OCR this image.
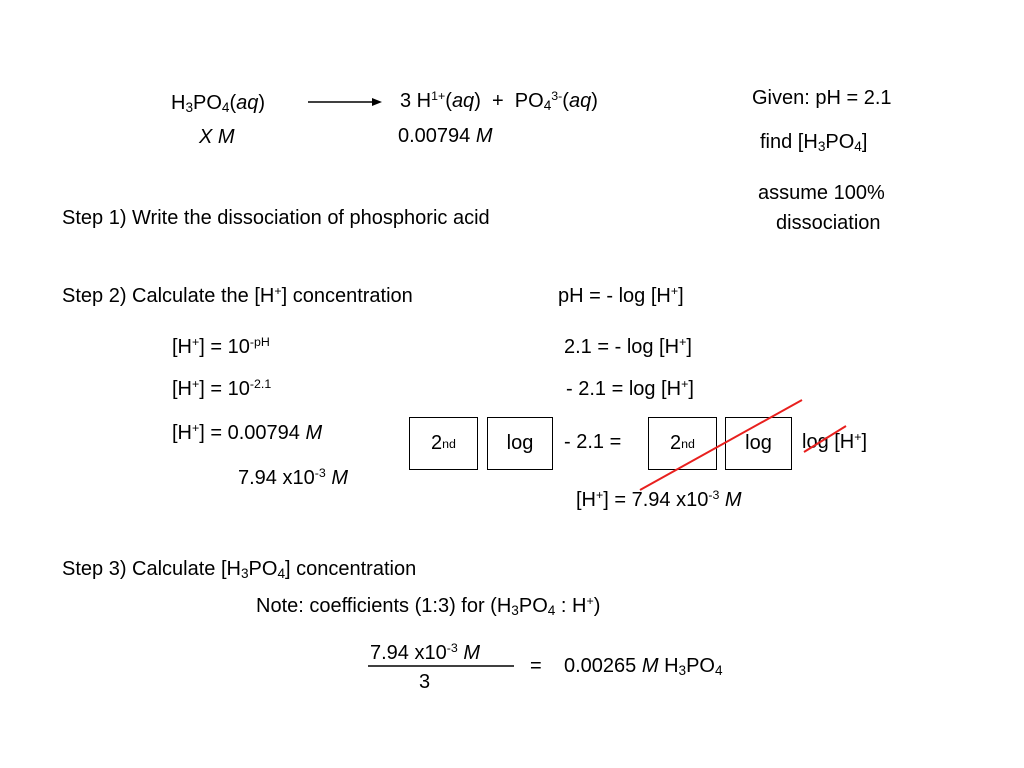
$H_3PO_4(aq)$
X M
3 $H^{1+}(aq) + PO_4^{3-}(aq)$
0.00794 M
Given: pH = 2.1
find $[H_3PO_4]$
assume 100%
dissociation
Step 1) Write the dissociation of phosphoric acid
Step 2) Calculate the [H+] concentration	pH = - log [H+]
$[H^+] = 10^{-pH}$
$[H^+] = 10^{-2.1}$
[H+] = 0.00794 M
7.94 $x10^{-3}$ M
2.1 = - log [H+]
- 2.1 = log [H+]
2 nd	log - 2.1 = 2 nd	log log [H+]
[H+] = 7.94 $x10^{-3}$ M
Step 3) Calculate $[H_3PO_4]$ concentration
Note: coefficients (1:3) for ($H_3PO_4$ : H+)
7.94 $x10^{-3}$ M
3
= 0.00265 M $H_3PO_4$
